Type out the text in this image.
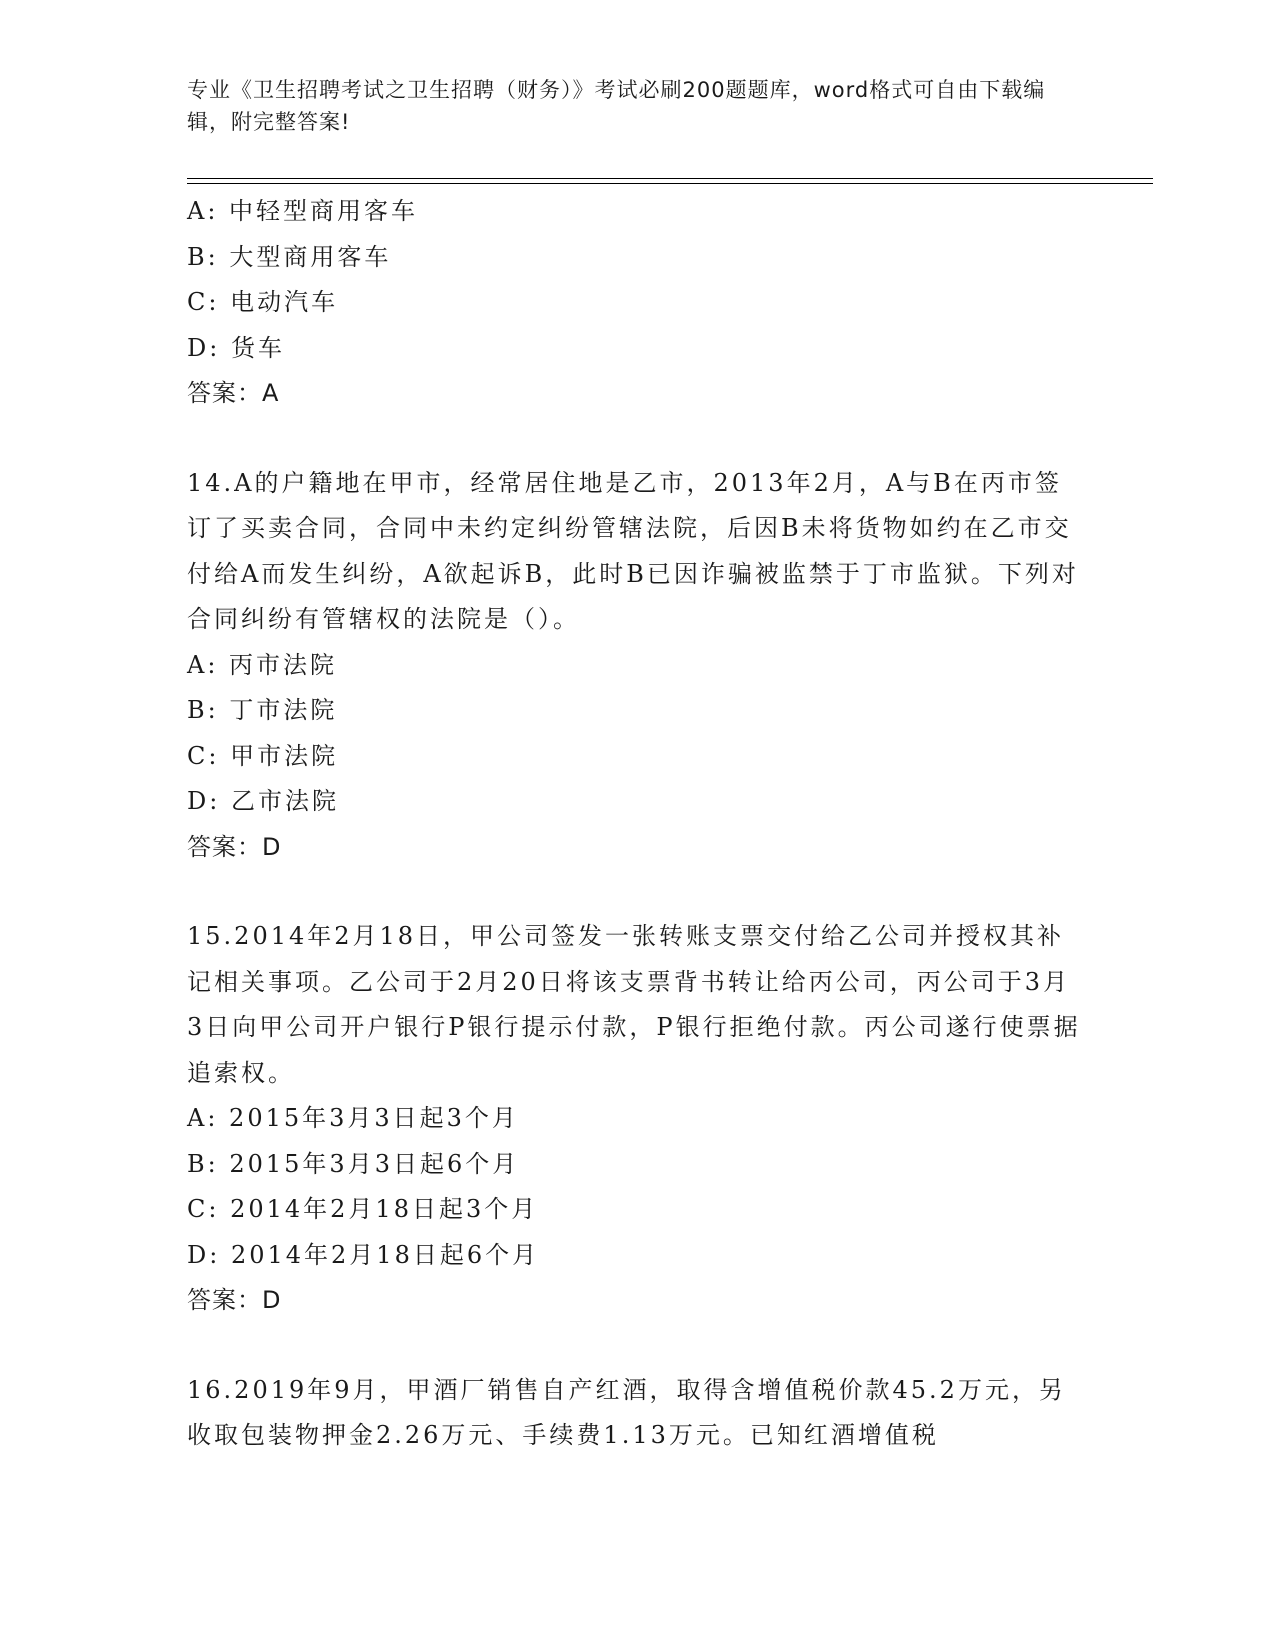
专业《卫生招聘考试之卫生招聘（财务）》考试必刷200题题库，word格式可自由下载编辑，附完整答案!

A: 中轻型商用客车

B: 大型商用客车

C: 电动汽车

D: 货车

答案：A

14.A的户籍地在甲市，经常居住地是乙市，2013年2月，A与B在丙市签订了买卖合同，合同中未约定纠纷管辖法院，后因B未将货物如约在乙市交付给A而发生纠纷，A欲起诉B，此时B已因诈骗被监禁于丁市监狱。下列对合同纠纷有管辖权的法院是（）。

A: 丙市法院

B: 丁市法院

C: 甲市法院

D: 乙市法院

答案：D

15.2014年2月18日，甲公司签发一张转账支票交付给乙公司并授权其补记相关事项。乙公司于2月20日将该支票背书转让给丙公司，丙公司于3月3日向甲公司开户银行P银行提示付款，P银行拒绝付款。丙公司遂行使票据追索权。

A: 2015年3月3日起3个月

B: 2015年3月3日起6个月

C: 2014年2月18日起3个月

D: 2014年2月18日起6个月

答案：D

16.2019年9月，甲酒厂销售自产红酒，取得含增值税价款45.2万元，另收取包装物押金2.26万元、手续费1.13万元。已知红酒增值税
